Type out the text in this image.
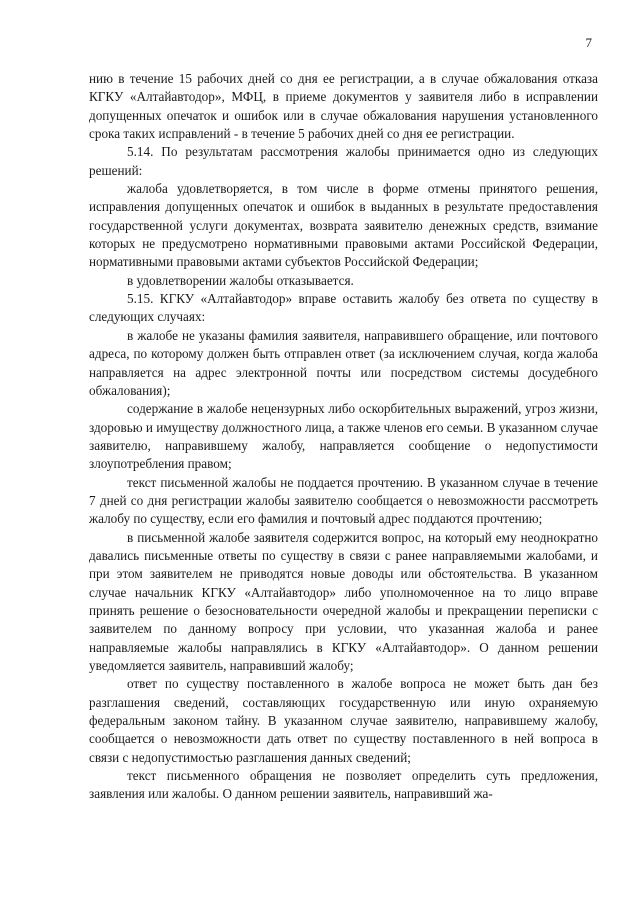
7

нию в течение 15 рабочих дней со дня ее регистрации, а в случае обжалования отказа КГКУ «Алтайавтодор», МФЦ, в приеме документов у заявителя либо в исправлении допущенных опечаток и ошибок или в случае обжалования нарушения установленного срока таких исправлений - в течение 5 рабочих дней со дня ее регистрации.

5.14. По результатам рассмотрения жалобы принимается одно из следующих решений:

жалоба удовлетворяется, в том числе в форме отмены принятого решения, исправления допущенных опечаток и ошибок в выданных в результате предоставления государственной услуги документах, возврата заявителю денежных средств, взимание которых не предусмотрено нормативными правовыми актами Российской Федерации, нормативными правовыми актами субъектов Российской Федерации;

в удовлетворении жалобы отказывается.

5.15. КГКУ «Алтайавтодор» вправе оставить жалобу без ответа по существу в следующих случаях:

в жалобе не указаны фамилия заявителя, направившего обращение, или почтового адреса, по которому должен быть отправлен ответ (за исключением случая, когда жалоба направляется на адрес электронной почты или посредством системы досудебного обжалования);

содержание в жалобе нецензурных либо оскорбительных выражений, угроз жизни, здоровью и имуществу должностного лица, а также членов его семьи. В указанном случае заявителю, направившему жалобу, направляется сообщение о недопустимости злоупотребления правом;

текст письменной жалобы не поддается прочтению. В указанном случае в течение 7 дней со дня регистрации жалобы заявителю сообщается о невозможности рассмотреть жалобу по существу, если его фамилия и почтовый адрес поддаются прочтению;

в письменной жалобе заявителя содержится вопрос, на который ему неоднократно давались письменные ответы по существу в связи с ранее направляемыми жалобами, и при этом заявителем не приводятся новые доводы или обстоятельства. В указанном случае начальник КГКУ «Алтайавтодор» либо уполномоченное на то лицо вправе принять решение о безосновательности очередной жалобы и прекращении переписки с заявителем по данному вопросу при условии, что указанная жалоба и ранее направляемые жалобы направлялись в КГКУ «Алтайавтодор». О данном решении уведомляется заявитель, направивший жалобу;

ответ по существу поставленного в жалобе вопроса не может быть дан без разглашения сведений, составляющих государственную или иную охраняемую федеральным законом тайну. В указанном случае заявителю, направившему жалобу, сообщается о невозможности дать ответ по существу поставленного в ней вопроса в связи с недопустимостью разглашения данных сведений;

текст письменного обращения не позволяет определить суть предложения, заявления или жалобы. О данном решении заявитель, направивший жа-
